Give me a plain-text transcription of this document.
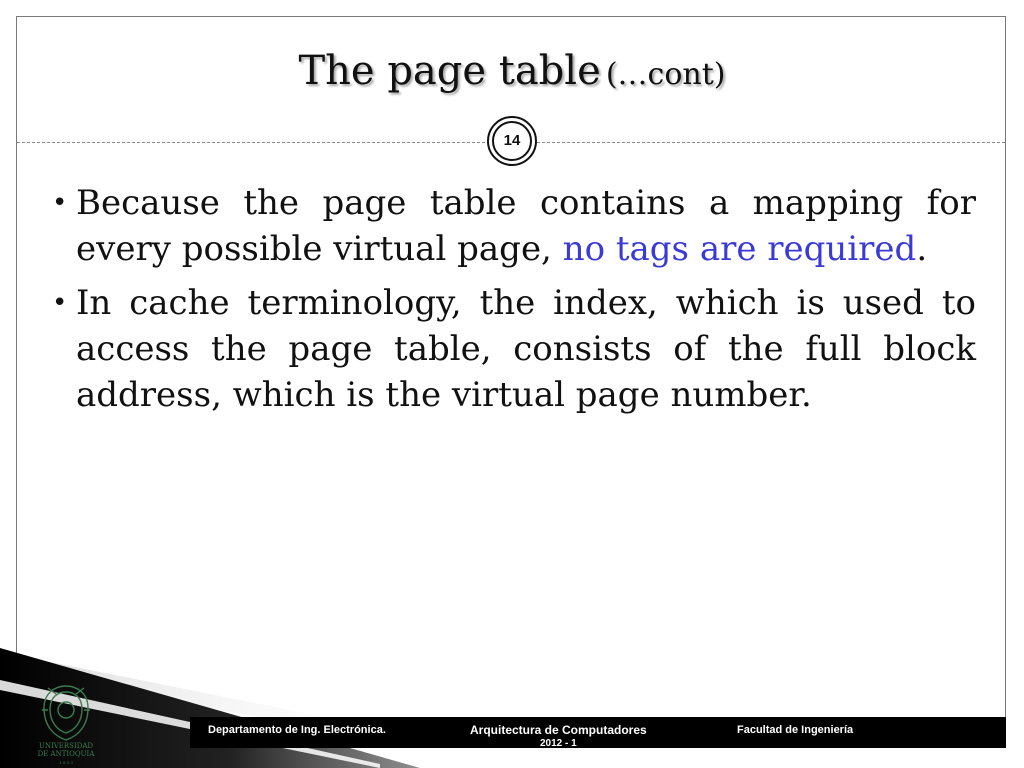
The page table (…cont)
14
• Because the page table contains a mapping for every possible virtual page, no tags are required.
• In cache terminology, the index, which is used to access the page table, consists of the full block address, which is the virtual page number.
Departamento de Ing. Electrónica.	Arquitectura de Computadores
2012 - 1
Facultad de Ingeniería
UNIVERSIDAD
DE ANTIOQUIA
1 8 0 3
